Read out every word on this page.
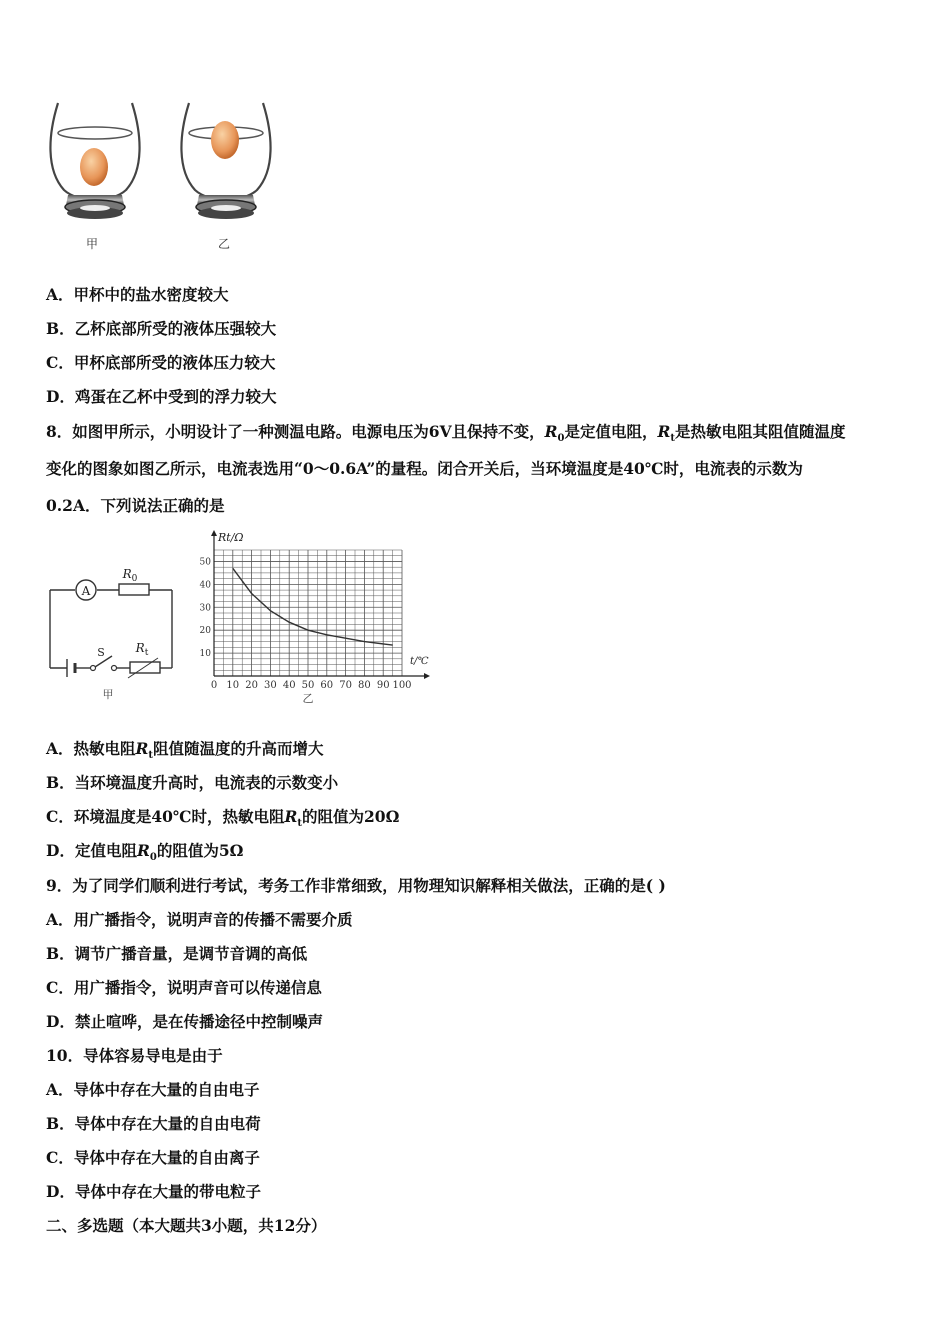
甲	乙
A．甲杯中的盐水密度较大
B．乙杯底部所受的液体压强较大
C．甲杯底部所受的液体压力较大
D．鸡蛋在乙杯中受到的浮力较大
8．如图甲所示，小明设计了一种测温电路。电源电压为6V且保持不变，$R_0$是定值电阻，$R_t$是热敏电阻其阻值随温度
变化的图象如图乙所示，电流表选用“0～0.6A”的量程。闭合开关后，当环境温度是40℃时，电流表的示数为
0.2A．下列说法正确的是
A
$R_0$
S	$R_t$
甲
0 10 20 30 40 50 60 70 80 90 100
10
20
30
40
50
Rt/Ω
t/℃
乙
A．热敏电阻$R_t$阻值随温度的升高而增大
B．当环境温度升高时，电流表的示数变小
C．环境温度是40℃时，热敏电阻$R_t$的阻值为20Ω
D．定值电阻$R_0$的阻值为5Ω
9．为了同学们顺利进行考试，考务工作非常细致，用物理知识解释相关做法，正确的是( )
A．用广播指令，说明声音的传播不需要介质
B．调节广播音量，是调节音调的高低
C．用广播指令，说明声音可以传递信息
D．禁止喧哗，是在传播途径中控制噪声
10．导体容易导电是由于
A．导体中存在大量的自由电子
B．导体中存在大量的自由电荷
C．导体中存在大量的自由离子
D．导体中存在大量的带电粒子
二、多选题（本大题共3小题，共12分）
